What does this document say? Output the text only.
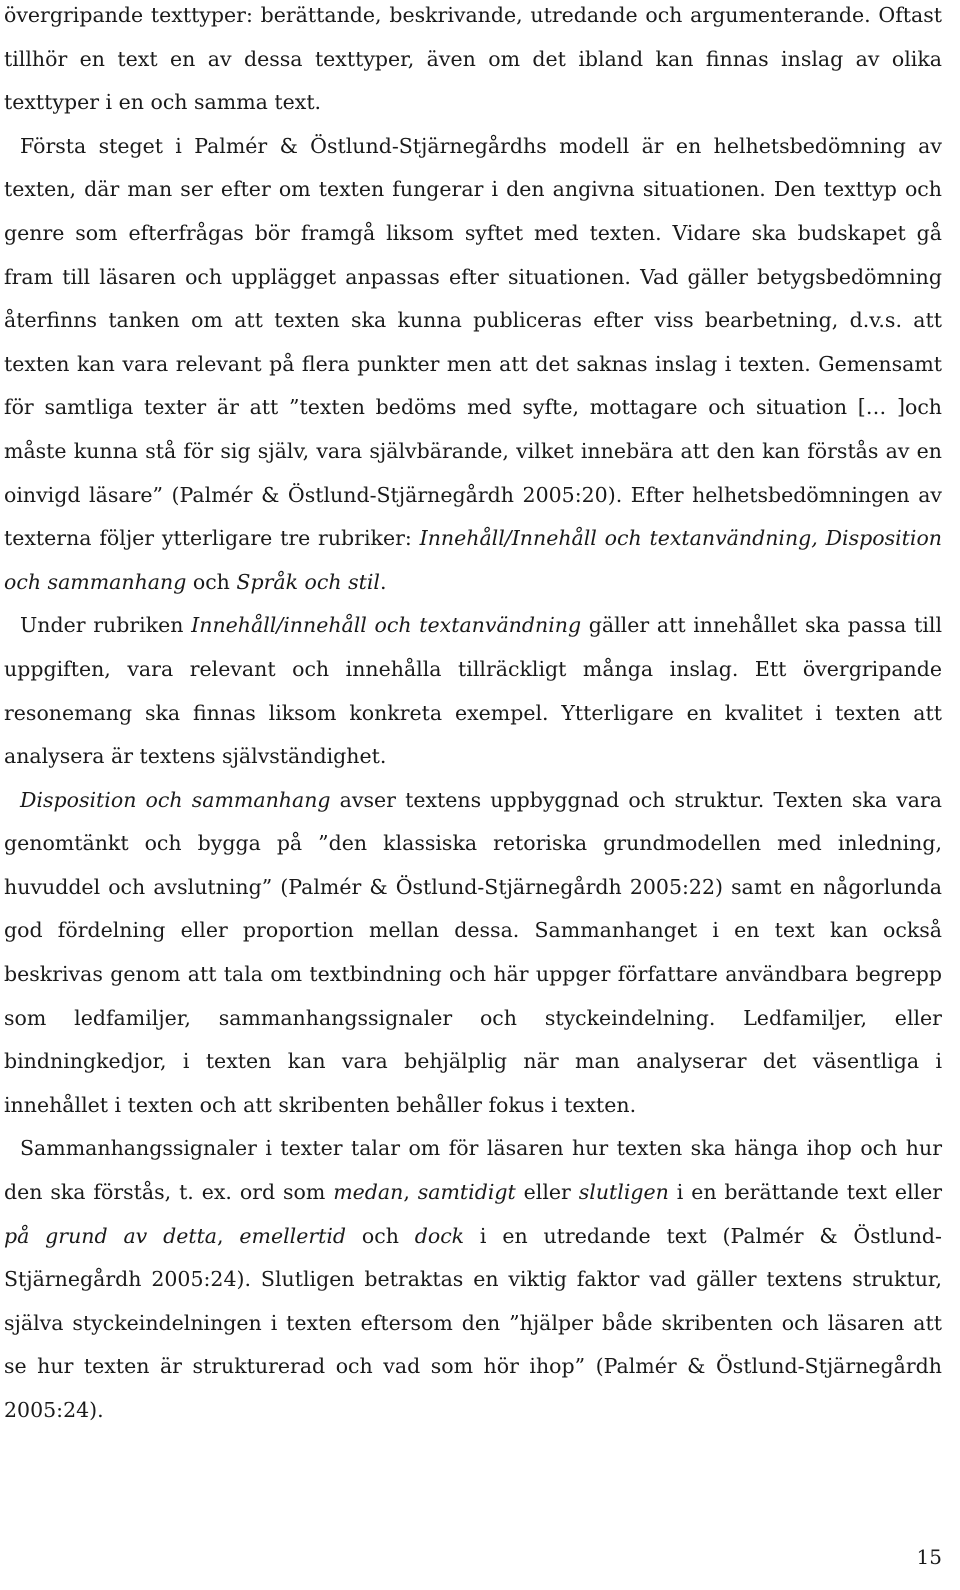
övergripande texttyper: berättande, beskrivande, utredande och argumenterande. Oftast tillhör en text en av dessa texttyper, även om det ibland kan finnas inslag av olika texttyper i en och samma text.

Första steget i Palmér & Östlund-Stjärnegårdhs modell är en helhetsbedömning av texten, där man ser efter om texten fungerar i den angivna situationen. Den texttyp och genre som efterfrågas bör framgå liksom syftet med texten. Vidare ska budskapet gå fram till läsaren och upplägget anpassas efter situationen. Vad gäller betygsbedömning återfinns tanken om att texten ska kunna publiceras efter viss bearbetning, d.v.s. att texten kan vara relevant på flera punkter men att det saknas inslag i texten. Gemensamt för samtliga texter är att ”texten bedöms med syfte, mottagare och situation [… ]och måste kunna stå för sig själv, vara självbärande, vilket innebära att den kan förstås av en oinvigd läsare” (Palmér & Östlund-Stjärnegårdh 2005:20). Efter helhetsbedömningen av texterna följer ytterligare tre rubriker: Innehåll/Innehåll och textanvändning, Disposition och sammanhang och Språk och stil.

Under rubriken Innehåll/innehåll och textanvändning gäller att innehållet ska passa till uppgiften, vara relevant och innehålla tillräckligt många inslag. Ett övergripande resonemang ska finnas liksom konkreta exempel. Ytterligare en kvalitet i texten att analysera är textens självständighet.

Disposition och sammanhang avser textens uppbyggnad och struktur. Texten ska vara genomtänkt och bygga på ”den klassiska retoriska grundmodellen med inledning, huvuddel och avslutning” (Palmér & Östlund-Stjärnegårdh 2005:22) samt en någorlunda god fördelning eller proportion mellan dessa. Sammanhanget i en text kan också beskrivas genom att tala om textbindning och här uppger författare användbara begrepp som ledfamiljer, sammanhangssignaler och styckeindelning. Ledfamiljer, eller bindningkedjor, i texten kan vara behjälplig när man analyserar det väsentliga i innehållet i texten och att skribenten behåller fokus i texten.

Sammanhangssignaler i texter talar om för läsaren hur texten ska hänga ihop och hur den ska förstås, t. ex. ord som medan, samtidigt eller slutligen i en berättande text eller på grund av detta, emellertid och dock i en utredande text (Palmér & Östlund-Stjärnegårdh 2005:24). Slutligen betraktas en viktig faktor vad gäller textens struktur, själva styckeindelningen i texten eftersom den ”hjälper både skribenten och läsaren att se hur texten är strukturerad och vad som hör ihop” (Palmér & Östlund-Stjärnegårdh 2005:24).

15
